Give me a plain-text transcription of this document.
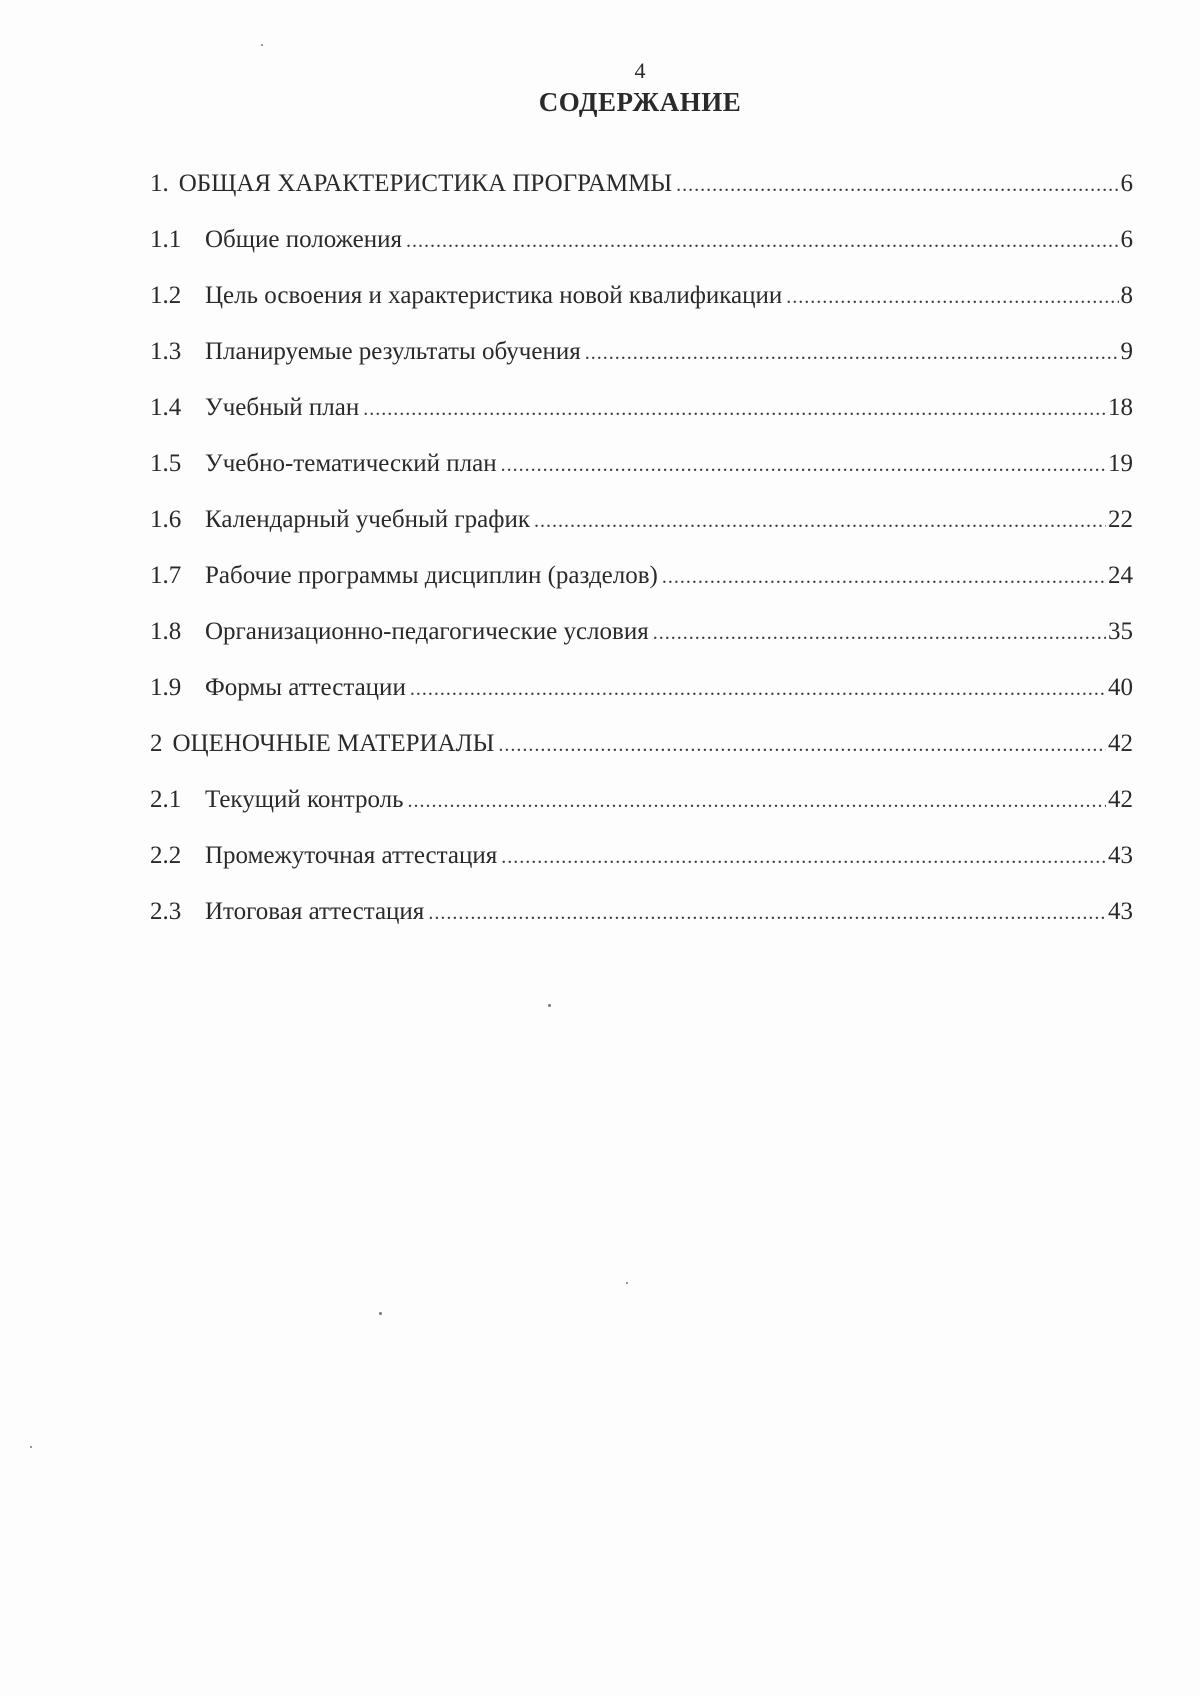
4
СОДЕРЖАНИЕ
1. ОБЩАЯ ХАРАКТЕРИСТИКА ПРОГРАММЫ .....	6
1.1 Общие положения .....	6
1.2 Цель освоения и характеристика новой квалификации .....	8
1.3 Планируемые результаты обучения .....	9
1.4 Учебный план .....	18
1.5 Учебно-тематический план .....	19
1.6 Календарный учебный график .....	22
1.7 Рабочие программы дисциплин (разделов) .....	24
1.8 Организационно-педагогические условия .....	35
1.9 Формы аттестации .....	40
2 ОЦЕНОЧНЫЕ МАТЕРИАЛЫ .....	42
2.1 Текущий контроль .....	42
2.2 Промежуточная аттестация .....	43
2.3 Итоговая аттестация .....	43
